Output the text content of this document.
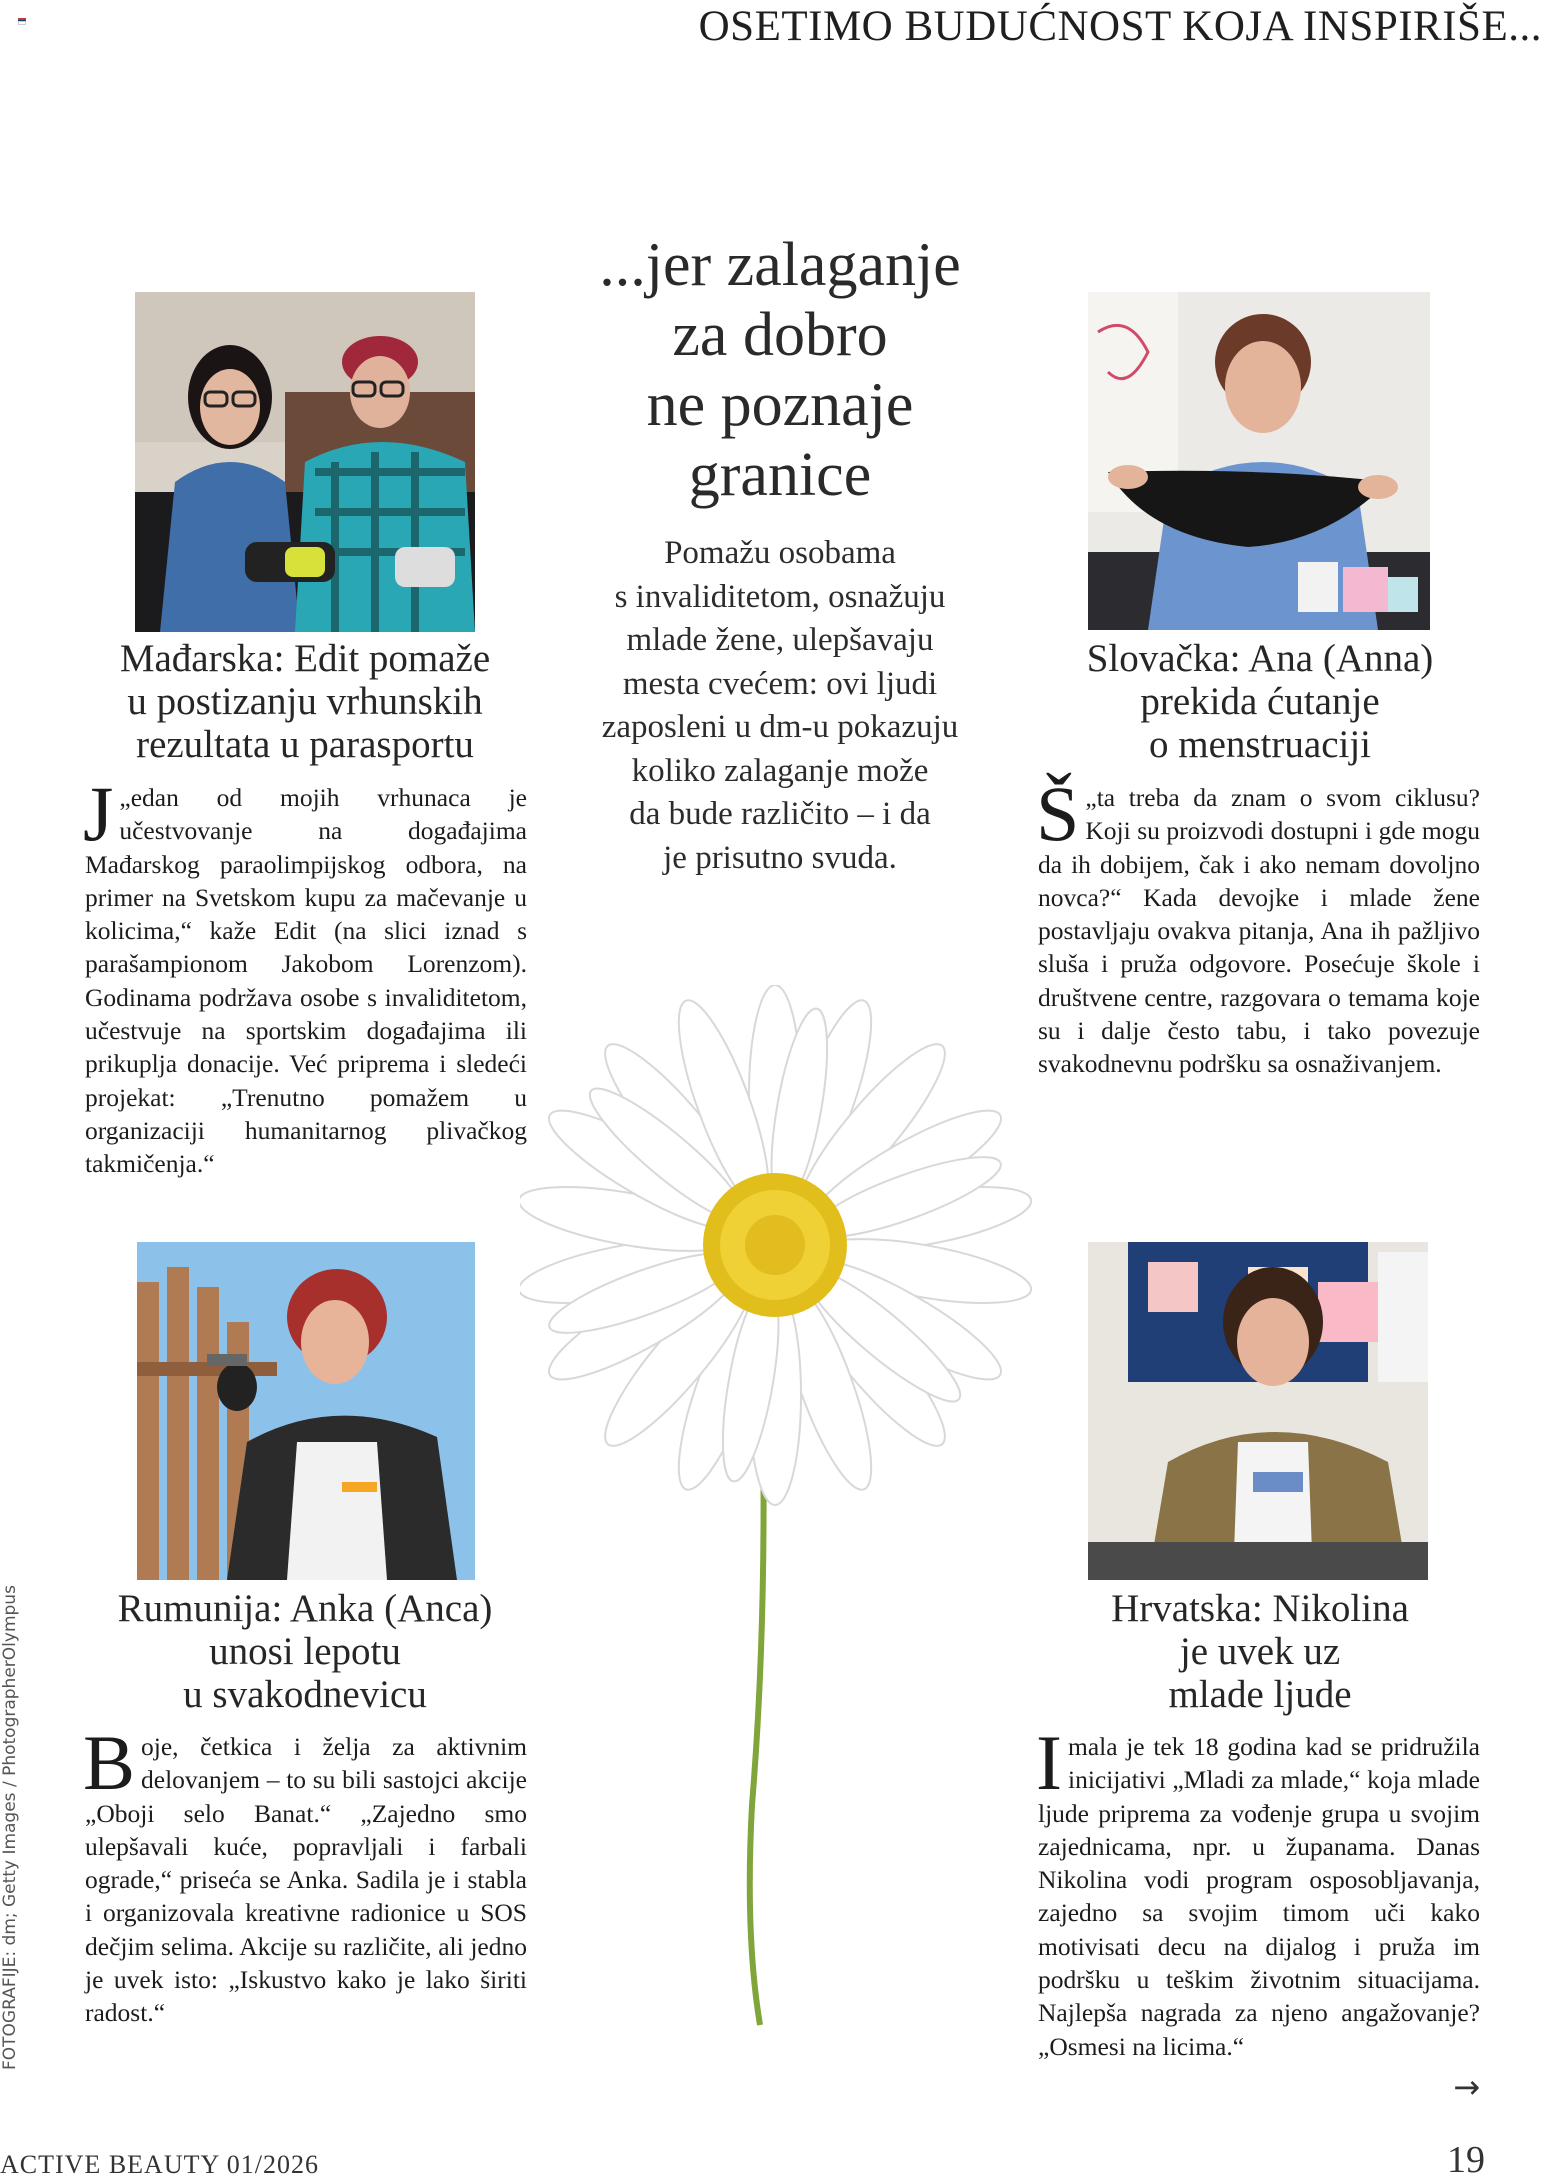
OSETIMO BUDUĆNOST KOJA INSPIRIŠE...
...jer zalaganje
za dobro
ne poznaje
granice
Pomažu osobama
s invaliditetom, osnažuju
mlade žene, ulepšavaju
mesta cvećem: ovi ljudi
zaposleni u dm-u pokazuju
koliko zalaganje može
da bude različito – i da
je prisutno svuda.
Mađarska: Edit pomaže
u postizanju vrhunskih
rezultata u parasportu
„
J edan od mojih vrhunaca je učestvovanje na događajima Mađarskog paraolimpijskog odbora, na primer na Svetskom kupu za mačevanje u kolicima,“ kaže Edit (na slici iznad s parašampionom Jakobom Lorenzom). Godinama podržava osobe s invaliditetom, učestvuje na sportskim događajima ili prikuplja donacije. Već priprema i sledeći projekat: „Trenutno pomažem u organizaciji humanitarnog plivačkog takmičenja.“
Slovačka: Ana (Anna)
prekida ćutanje
o menstruaciji
„
Š ta treba da znam o svom ciklusu? Koji su proizvodi dostupni i gde mogu da ih dobijem, čak i ako nemam dovoljno novca?“ Kada devojke i mlade žene postavljaju ovakva pitanja, Ana ih pažljivo sluša i pruža odgovore. Posećuje škole i društvene centre, razgovara o temama koje su i dalje često tabu, i tako povezuje svakodnevnu podršku sa osnaživanjem.
Rumunija: Anka (Anca)
unosi lepotu
u svakodnevicu
Boje, četkica i želja za aktivnim delovanjem – to su bili sastojci akcije „Oboji selo Banat.“ „Zajedno smo ulepšavali kuće, popravljali i farbali ograde,“ priseća se Anka. Sadila je i stabla i organizovala kreativne radionice u SOS dečjim selima. Akcije su različite, ali jedno je uvek isto: „Iskustvo kako je lako širiti radost.“
Hrvatska: Nikolina
je uvek uz
mlade ljude
Imala je tek 18 godina kad se pridružila inicijativi „Mladi za mlade,“ koja mlade ljude priprema za vođenje grupa u svojim zajednicama, npr. u županama. Danas Nikolina vodi program osposobljavanja, zajedno sa svojim timom uči kako motivisati decu na dijalog i pruža im podršku u teškim životnim situacijama. Najlepša nagrada za njeno angažovanje? „Osmesi na licima.“
FOTOGRAFIJE: dm; Getty Images / PhotographerOlympus
→
ACTIVE BEAUTY 01/2026	19
